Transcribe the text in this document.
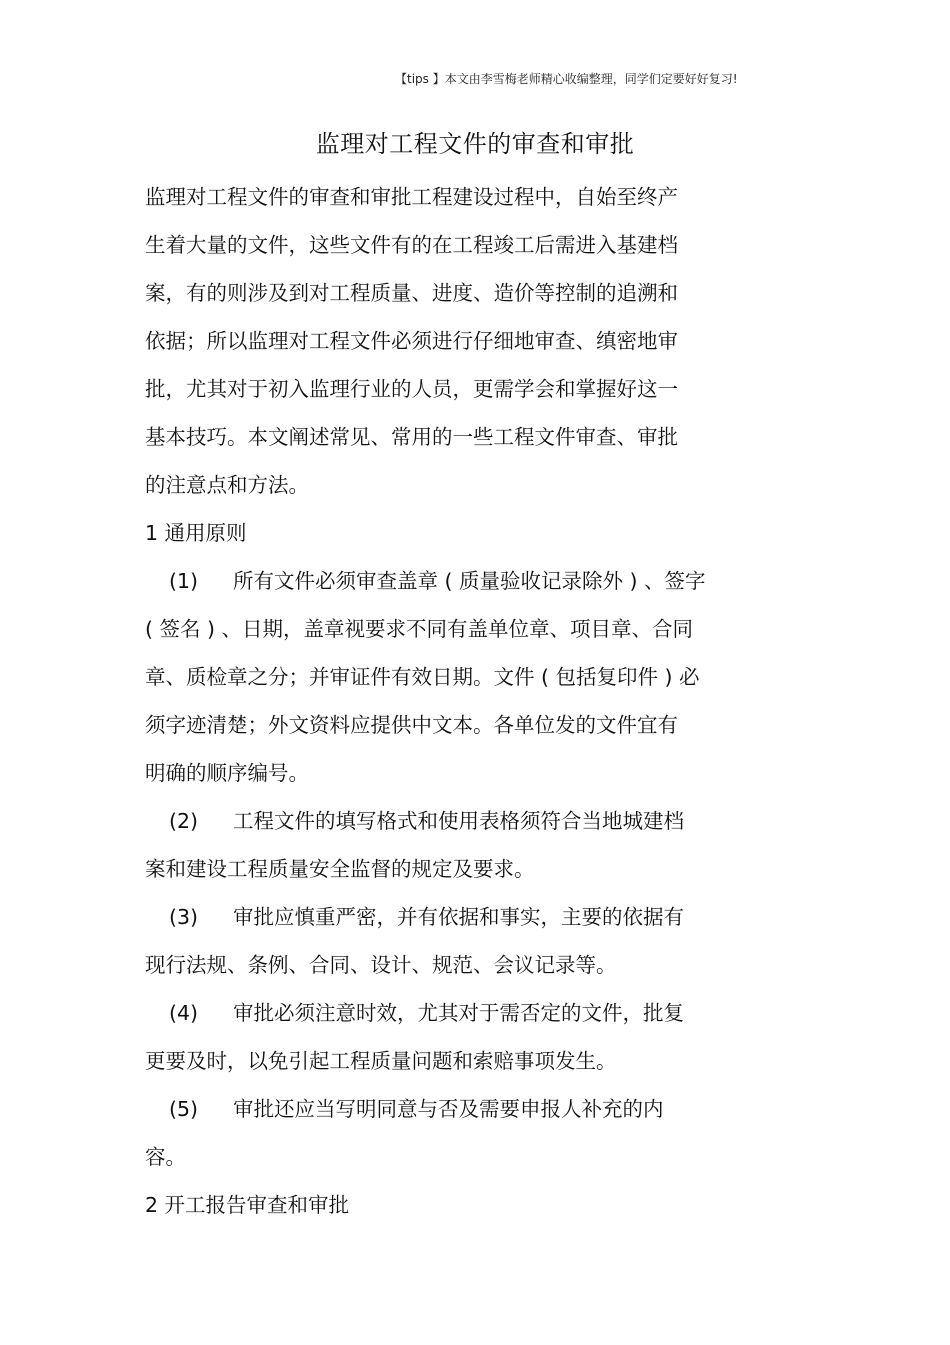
【tips 】本文由李雪梅老师精心收编整理，同学们定要好好复习!
监理对工程文件的审查和审批
监理对工程文件的审查和审批工程建设过程中，自始至终产
生着大量的文件，这些文件有的在工程竣工后需进入基建档
案，有的则涉及到对工程质量、进度、造价等控制的追溯和
依据；所以监理对工程文件必须进行仔细地审查、缜密地审
批，尤其对于初入监理行业的人员，更需学会和掌握好这一
基本技巧。本文阐述常见、常用的一些工程文件审查、审批
的注意点和方法。
1 通用原则
(1) 所有文件必须审查盖章 ( 质量验收记录除外 ) 、签字
( 签名 ) 、日期，盖章视要求不同有盖单位章、项目章、合同
章、质检章之分；并审证件有效日期。文件 ( 包括复印件 ) 必
须字迹清楚；外文资料应提供中文本。各单位发的文件宜有
明确的顺序编号。
(2) 工程文件的填写格式和使用表格须符合当地城建档
案和建设工程质量安全监督的规定及要求。
(3) 审批应慎重严密，并有依据和事实，主要的依据有
现行法规、条例、合同、设计、规范、会议记录等。
(4) 审批必须注意时效，尤其对于需否定的文件，批复
更要及时，以免引起工程质量问题和索赔事项发生。
(5) 审批还应当写明同意与否及需要申报人补充的内
容。
2 开工报告审查和审批
